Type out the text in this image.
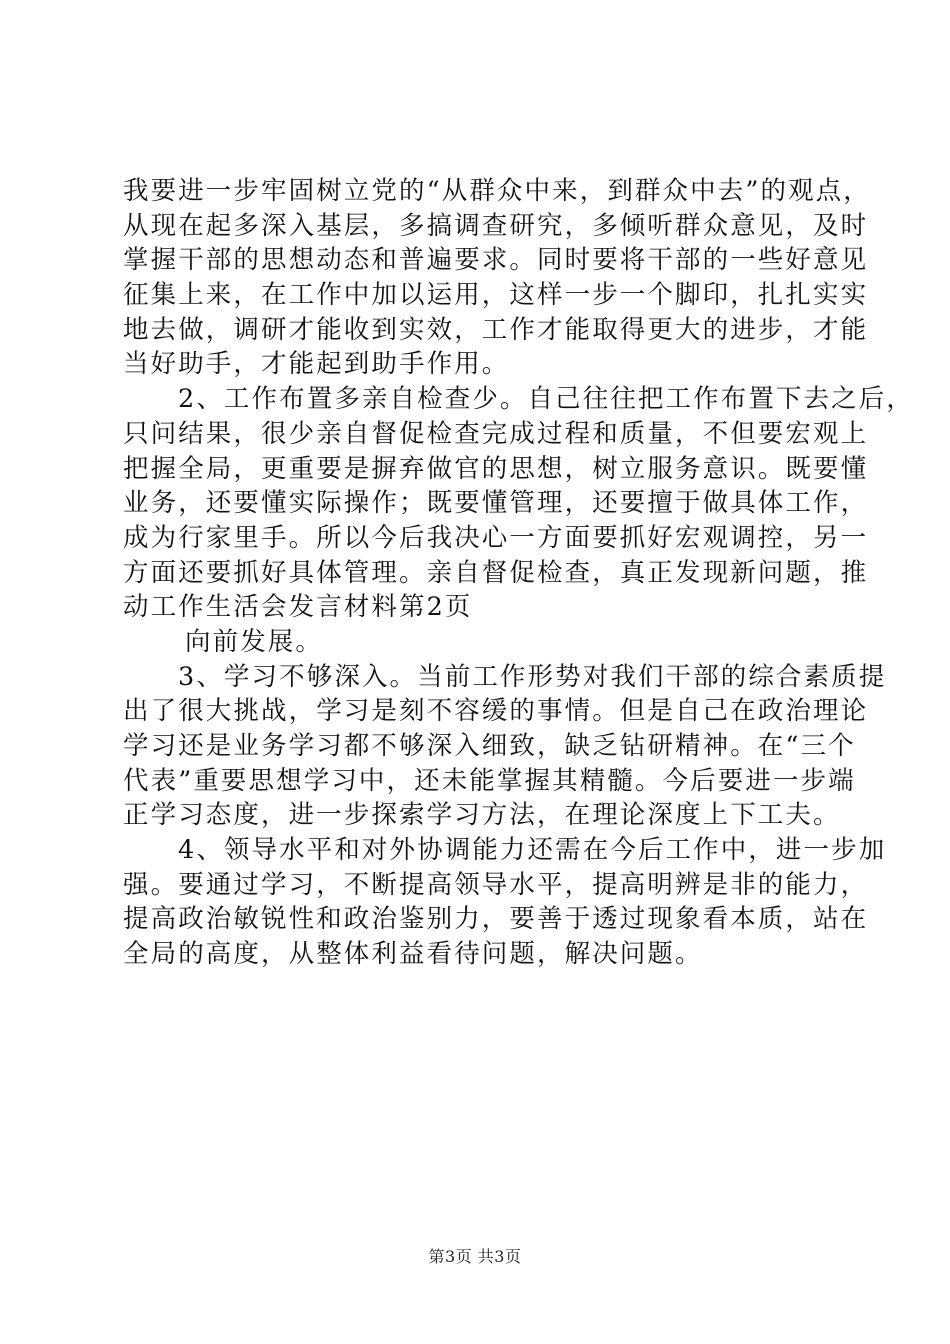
我要进一步牢固树立党的“从群众中来，到群众中去”的观点，
从现在起多深入基层，多搞调查研究，多倾听群众意见，及时
掌握干部的思想动态和普遍要求。同时要将干部的一些好意见
征集上来，在工作中加以运用，这样一步一个脚印，扎扎实实
地去做，调研才能收到实效，工作才能取得更大的进步，才能
当好助手，才能起到助手作用。
2、工作布置多亲自检查少。自己往往把工作布置下去之后，
只问结果，很少亲自督促检查完成过程和质量，不但要宏观上
把握全局，更重要是摒弃做官的思想，树立服务意识。既要懂
业务，还要懂实际操作；既要懂管理，还要擅于做具体工作，
成为行家里手。所以今后我决心一方面要抓好宏观调控，另一
方面还要抓好具体管理。亲自督促检查，真正发现新问题，推
动工作生活会发言材料第2页
向前发展。
3、学习不够深入。当前工作形势对我们干部的综合素质提
出了很大挑战，学习是刻不容缓的事情。但是自己在政治理论
学习还是业务学习都不够深入细致，缺乏钻研精神。在“三个
代表”重要思想学习中，还未能掌握其精髓。今后要进一步端
正学习态度，进一步探索学习方法，在理论深度上下工夫。
4、领导水平和对外协调能力还需在今后工作中，进一步加
强。要通过学习，不断提高领导水平，提高明辨是非的能力，
提高政治敏锐性和政治鉴别力，要善于透过现象看本质，站在
全局的高度，从整体利益看待问题，解决问题。
第3页 共3页
